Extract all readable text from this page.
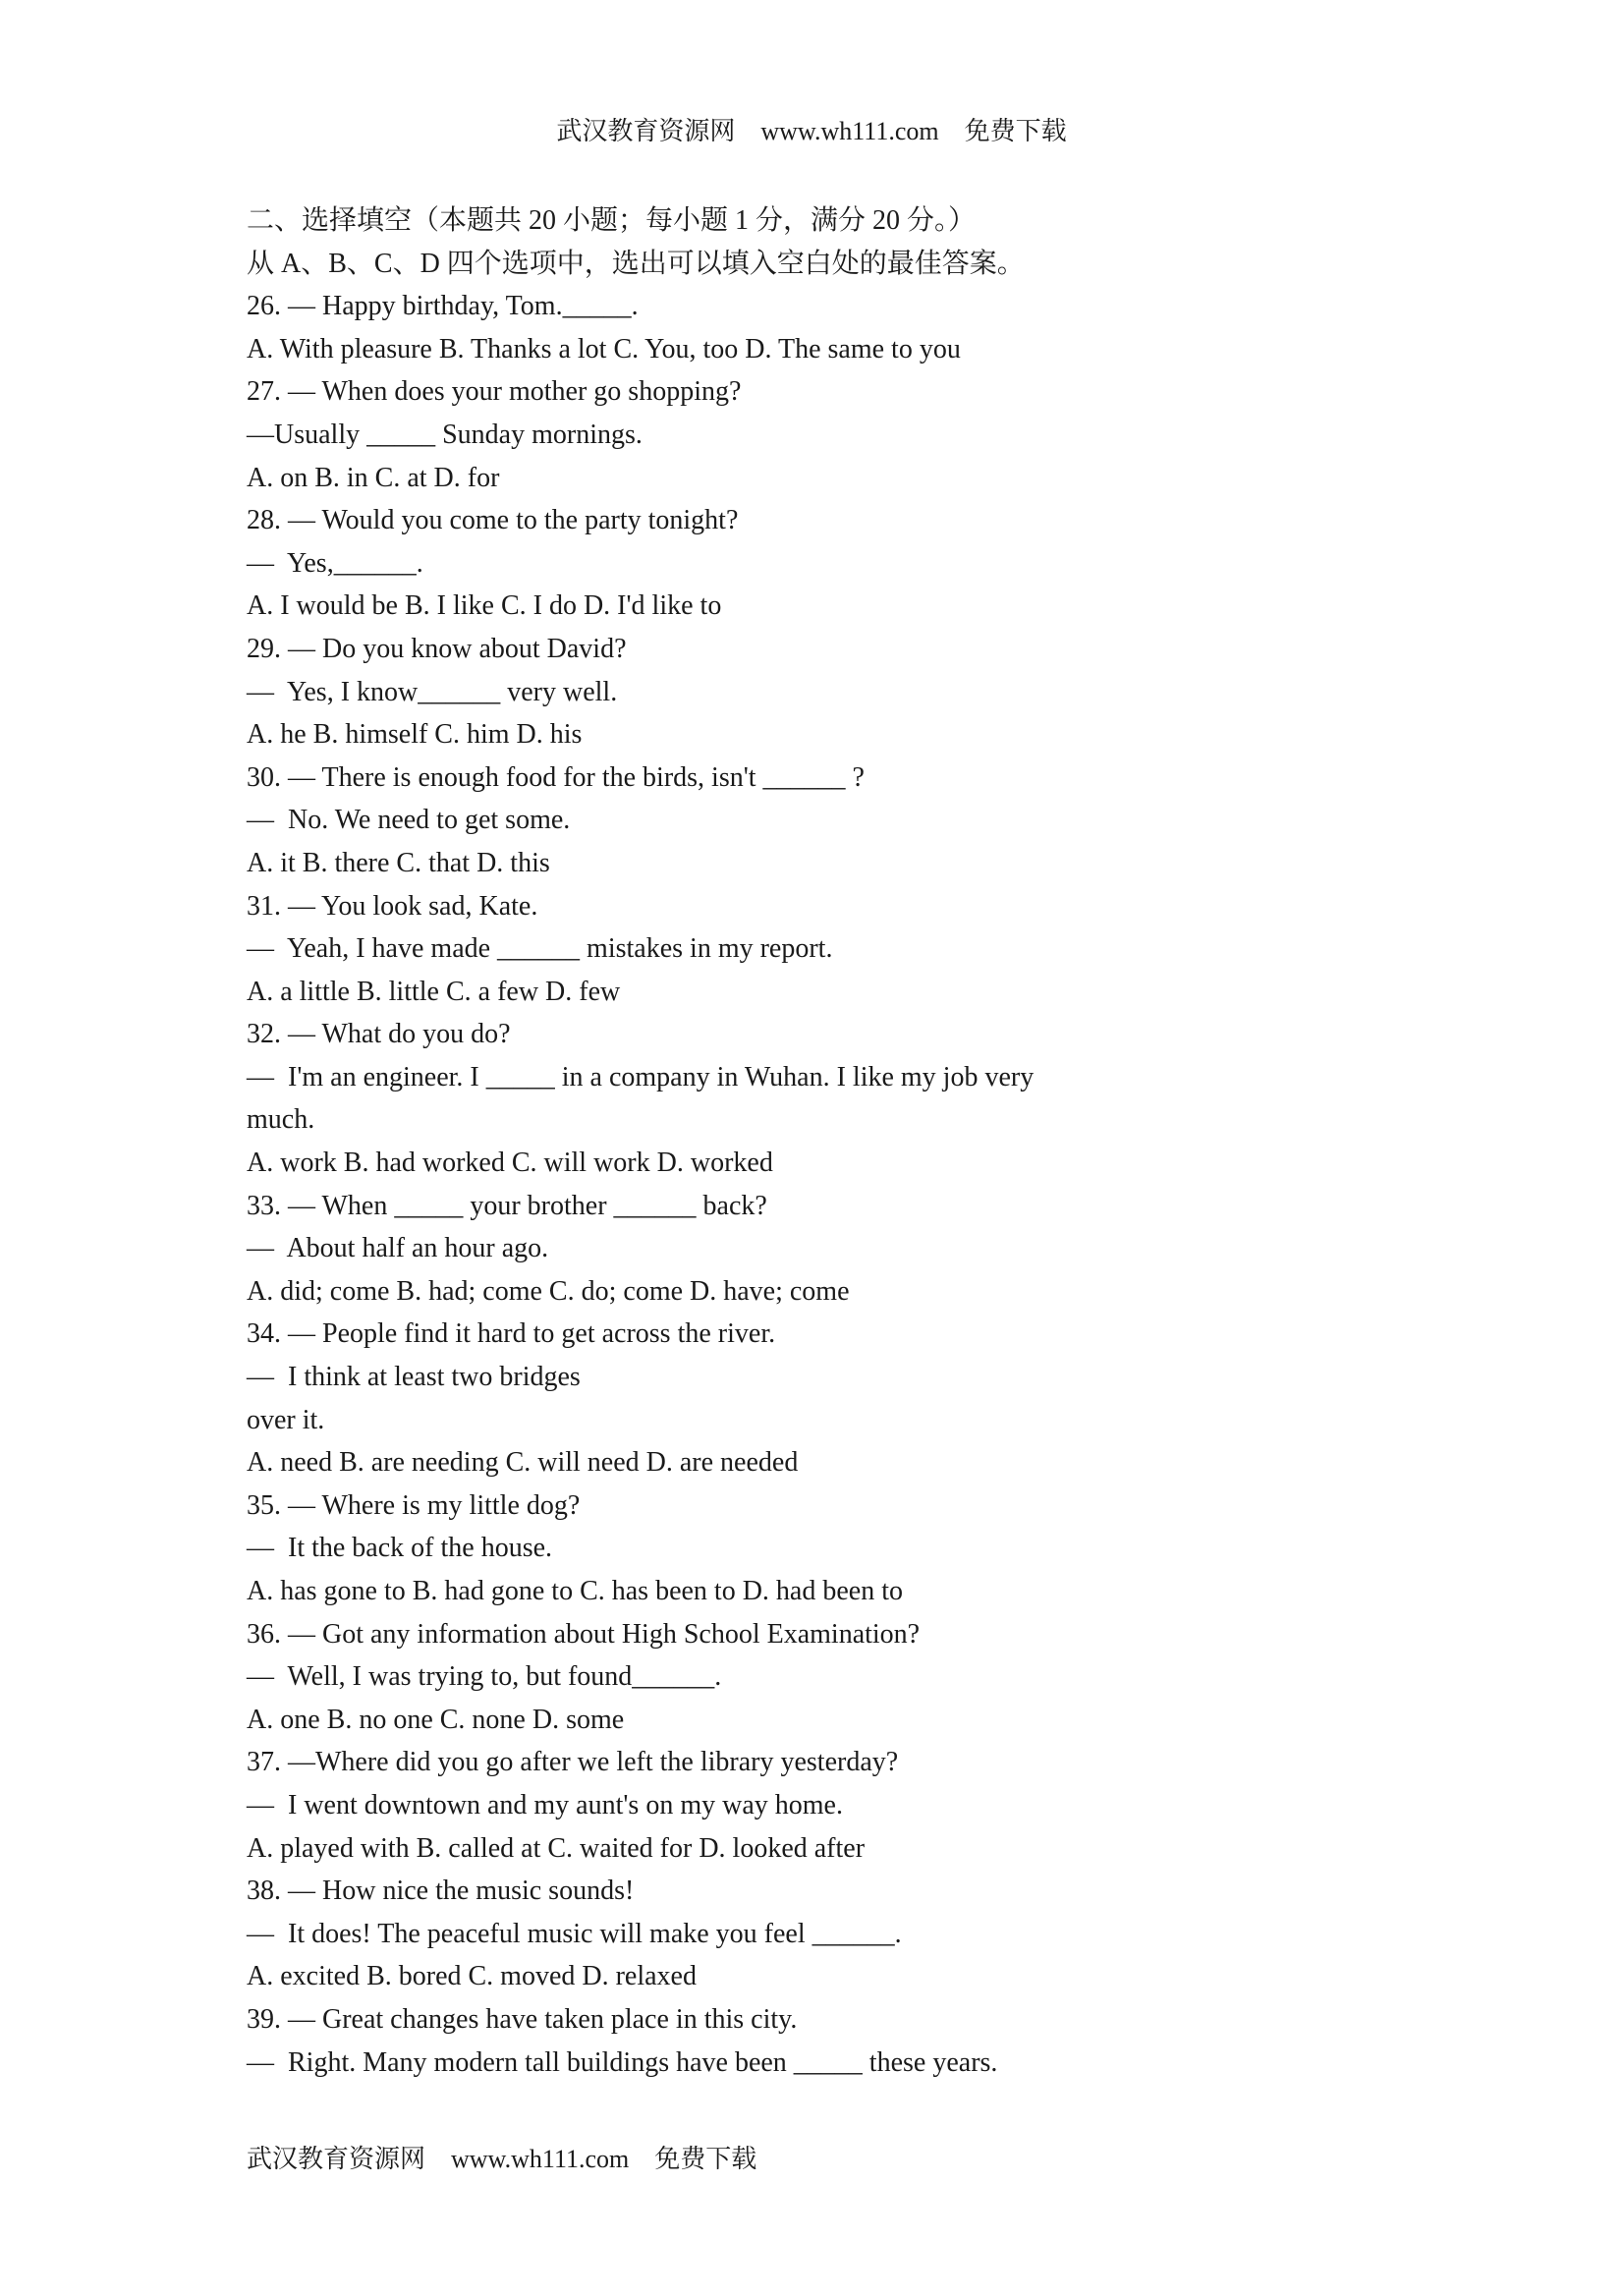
武汉教育资源网    www.wh111.com    免费下载
二、选择填空（本题共 20 小题；每小题 1 分，满分 20 分。）
从 A、B、C、D 四个选项中，选出可以填入空白处的最佳答案。
26. — Happy birthday, Tom._____.
A. With pleasure B. Thanks a lot C. You, too D. The same to you
27. — When does your mother go shopping?
—Usually _____ Sunday mornings.
A. on B. in C. at D. for
28. — Would you come to the party tonight?
—  Yes,______.
A. I would be B. I like C. I do D. I'd like to
29. — Do you know about David?
—  Yes, I know______ very well.
A. he B. himself C. him D. his
30. — There is enough food for the birds, isn't ______ ?
—  No. We need to get some.
A. it B. there C. that D. this
31. — You look sad, Kate.
—  Yeah, I have made ______ mistakes in my report.
A. a little B. little C. a few D. few
32. — What do you do?
—  I'm an engineer. I _____ in a company in Wuhan. I like my job very
much.
A. work B. had worked C. will work D. worked
33. — When _____ your brother ______ back?
—  About half an hour ago.
A. did; come B. had; come C. do; come D. have; come
34. — People find it hard to get across the river.
—  I think at least two bridges
over it.
A. need B. are needing C. will need D. are needed
35. — Where is my little dog?
—  It the back of the house.
A. has gone to B. had gone to C. has been to D. had been to
36. — Got any information about High School Examination?
—  Well, I was trying to, but found______.
A. one B. no one C. none D. some
37. —Where did you go after we left the library yesterday?
—  I went downtown and my aunt's on my way home.
A. played with B. called at C. waited for D. looked after
38. — How nice the music sounds!
—  It does! The peaceful music will make you feel ______.
A. excited B. bored C. moved D. relaxed
39. — Great changes have taken place in this city.
—  Right. Many modern tall buildings have been _____ these years.
武汉教育资源网    www.wh111.com    免费下载
